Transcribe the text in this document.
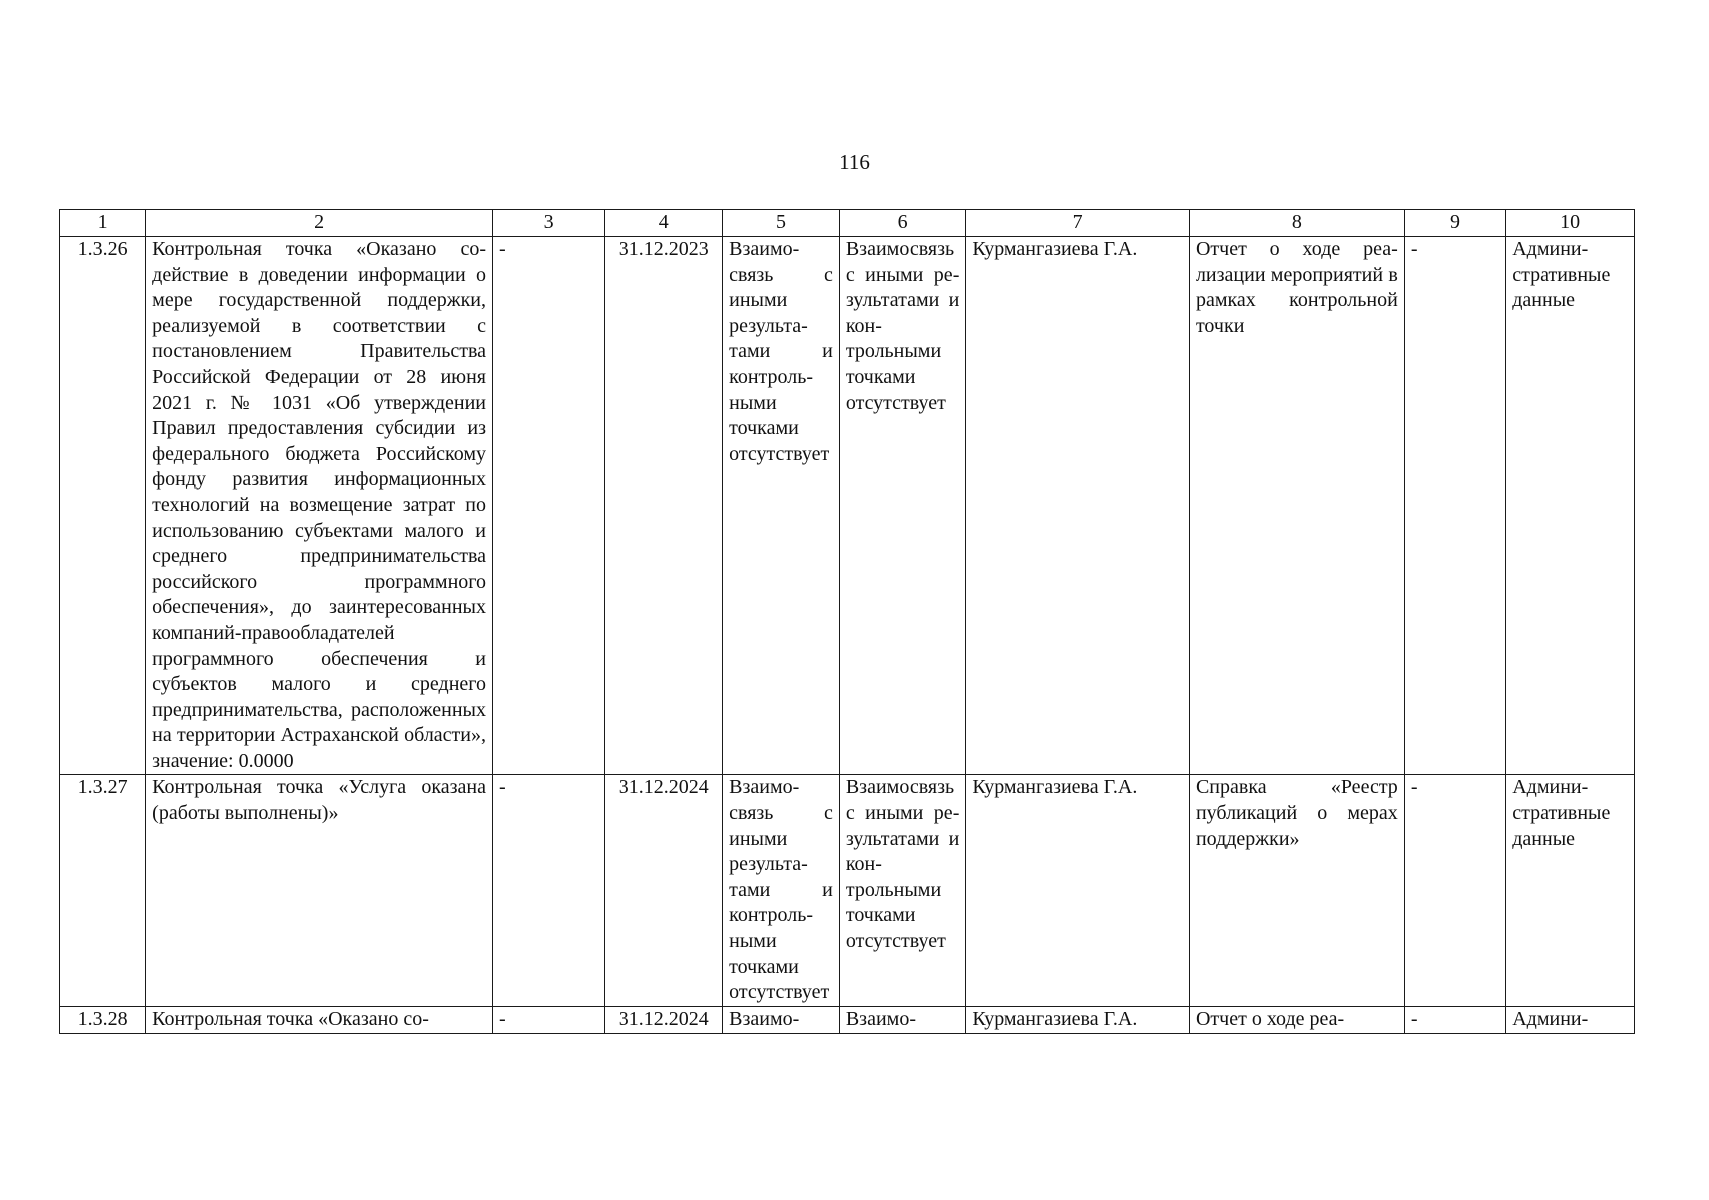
116
1	2	3	4	5	6	7	8	9	10
1.3.26	Контрольная точка «Оказано содействие в доведении информации о мере государственной поддержки, реализуемой в соответствии с постановлением Правительства Российской Федерации от 28 июня 2021 г. № 1031 «Об утверждении Правил предоставления субсидии из федерального бюджета Российскому фонду развития информационных технологий на возмещение затрат по использованию субъектами малого и среднего предпринимательства российского программного обеспечения», до заинтересованных компаний-правообладателей программного обеспечения и субъектов малого и среднего предпринимательства, расположенных на территории Астраханской области», значение: 0.0000	-	31.12.2023	Взаимосвязь с иными результатами и контрольными точками отсутствует	Взаимосвязь с иными результатами и контрольными точками отсутствует	Курмангазиева Г.А.	Отчет о ходе реализации мероприятий в рамках контрольной точки	-	Административные данные
1.3.27	Контрольная точка «Услуга оказана (работы выполнены)»	-	31.12.2024	Взаимосвязь с иными результатами и контрольными точками отсутствует	Взаимосвязь с иными результатами и контрольными точками отсутствует	Курмангазиева Г.А.	Справка «Реестр публикаций о мерах поддержки»	-	Административные данные

1.3.28	Контрольная точка «Оказано со-	-	31.12.2024	Взаимо-	Взаимо-	Курмангазиева Г.А.	Отчет о ходе реа-	-	Админи-
